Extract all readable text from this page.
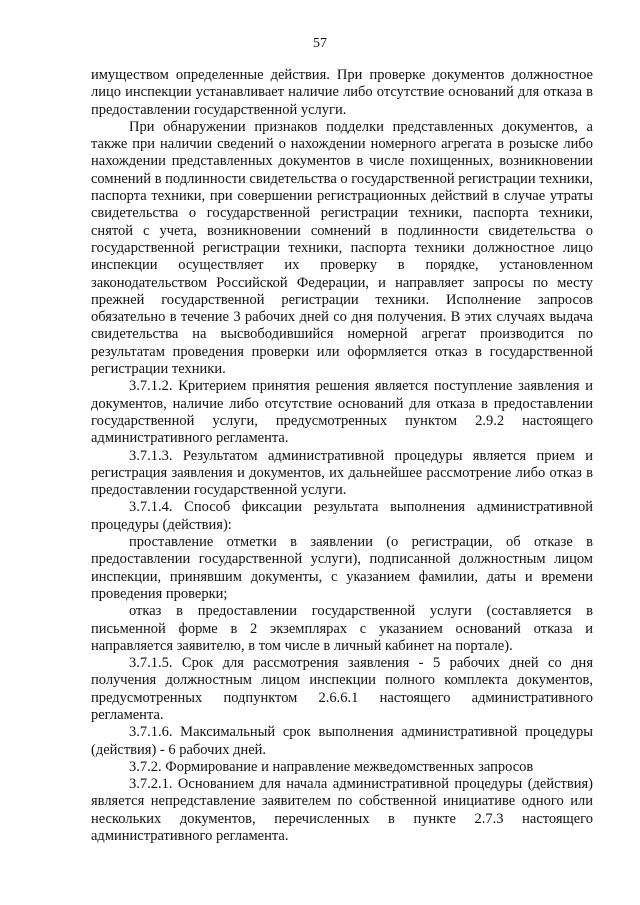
57

имуществом определенные действия. При проверке документов должностное лицо инспекции устанавливает наличие либо отсутствие оснований для отказа в предоставлении государственной услуги.

При обнаружении признаков подделки представленных документов, а также при наличии сведений о нахождении номерного агрегата в розыске либо нахождении представленных документов в числе похищенных, возникновении сомнений в подлинности свидетельства о государственной регистрации техники, паспорта техники, при совершении регистрационных действий в случае утраты свидетельства о государственной регистрации техники, паспорта техники, снятой с учета, возникновении сомнений в подлинности свидетельства о государственной регистрации техники, паспорта техники должностное лицо инспекции осуществляет их проверку в порядке, установленном законодательством Российской Федерации, и направляет запросы по месту прежней государственной регистрации техники. Исполнение запросов обязательно в течение 3 рабочих дней со дня получения. В этих случаях выдача свидетельства на высвободившийся номерной агрегат производится по результатам проведения проверки или оформляется отказ в государственной регистрации техники.

3.7.1.2. Критерием принятия решения является поступление заявления и документов, наличие либо отсутствие оснований для отказа в предоставлении государственной услуги, предусмотренных пунктом 2.9.2 настоящего административного регламента.

3.7.1.3. Результатом административной процедуры является прием и регистрация заявления и документов, их дальнейшее рассмотрение либо отказ в предоставлении государственной услуги.

3.7.1.4. Способ фиксации результата выполнения административной процедуры (действия):

проставление отметки в заявлении (о регистрации, об отказе в предоставлении государственной услуги), подписанной должностным лицом инспекции, принявшим документы, с указанием фамилии, даты и времени проведения проверки;

отказ в предоставлении государственной услуги (составляется в письменной форме в 2 экземплярах с указанием оснований отказа и направляется заявителю, в том числе в личный кабинет на портале).

3.7.1.5. Срок для рассмотрения заявления - 5 рабочих дней со дня получения должностным лицом инспекции полного комплекта документов, предусмотренных подпунктом 2.6.6.1 настоящего административного регламента.

3.7.1.6. Максимальный срок выполнения административной процедуры (действия) - 6 рабочих дней.

3.7.2. Формирование и направление межведомственных запросов

3.7.2.1. Основанием для начала административной процедуры (действия) является непредставление заявителем по собственной инициативе одного или нескольких документов, перечисленных в пункте 2.7.3 настоящего административного регламента.
